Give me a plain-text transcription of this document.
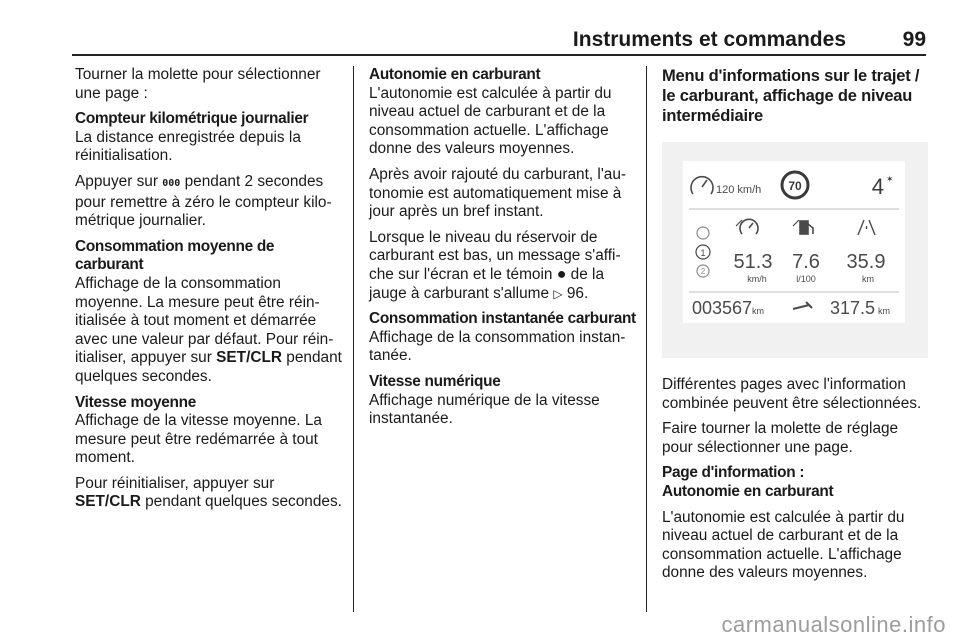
Instruments et commandes	99

Tourner la molette pour sélectionner une page :

Compteur kilométrique journalier

La distance enregistrée depuis la réinitialisation.

Appuyer sur 000 pendant 2 secondes pour remettre à zéro le compteur kilométrique journalier.

Consommation moyenne de carburant

Affichage de la consommation moyenne. La mesure peut être réinitialisée à tout moment et démarrée avec une valeur par défaut. Pour réinitialiser, appuyer sur SET/CLR pendant quelques secondes.

Vitesse moyenne

Affichage de la vitesse moyenne. La mesure peut être redémarrée à tout moment.

Pour réinitialiser, appuyer sur SET/CLR pendant quelques secondes.

Autonomie en carburant

L'autonomie est calculée à partir du niveau actuel de carburant et de la consommation actuelle. L'affichage donne des valeurs moyennes.

Après avoir rajouté du carburant, l'autonomie est automatiquement mise à jour après un bref instant.

Lorsque le niveau du réservoir de carburant est bas, un message s'affiche sur l'écran et le témoin ● de la jauge à carburant s'allume ▷ 96.

Consommation instantanée carburant

Affichage de la consommation instantanée.

Vitesse numérique

Affichage numérique de la vitesse instantanée.

Menu d'informations sur le trajet / le carburant, affichage de niveau intermédiaire
120 km/h 70	4 ✶
1
2 51.3
km/h
7.6
l/100
35.9
km
003567 km	317.5 km

Différentes pages avec l'information combinée peuvent être sélectionnées.

Faire tourner la molette de réglage pour sélectionner une page.

Page d'information :
Autonomie en carburant

L'autonomie est calculée à partir du niveau actuel de carburant et de la consommation actuelle. L'affichage donne des valeurs moyennes.

carmanualsonline.info
